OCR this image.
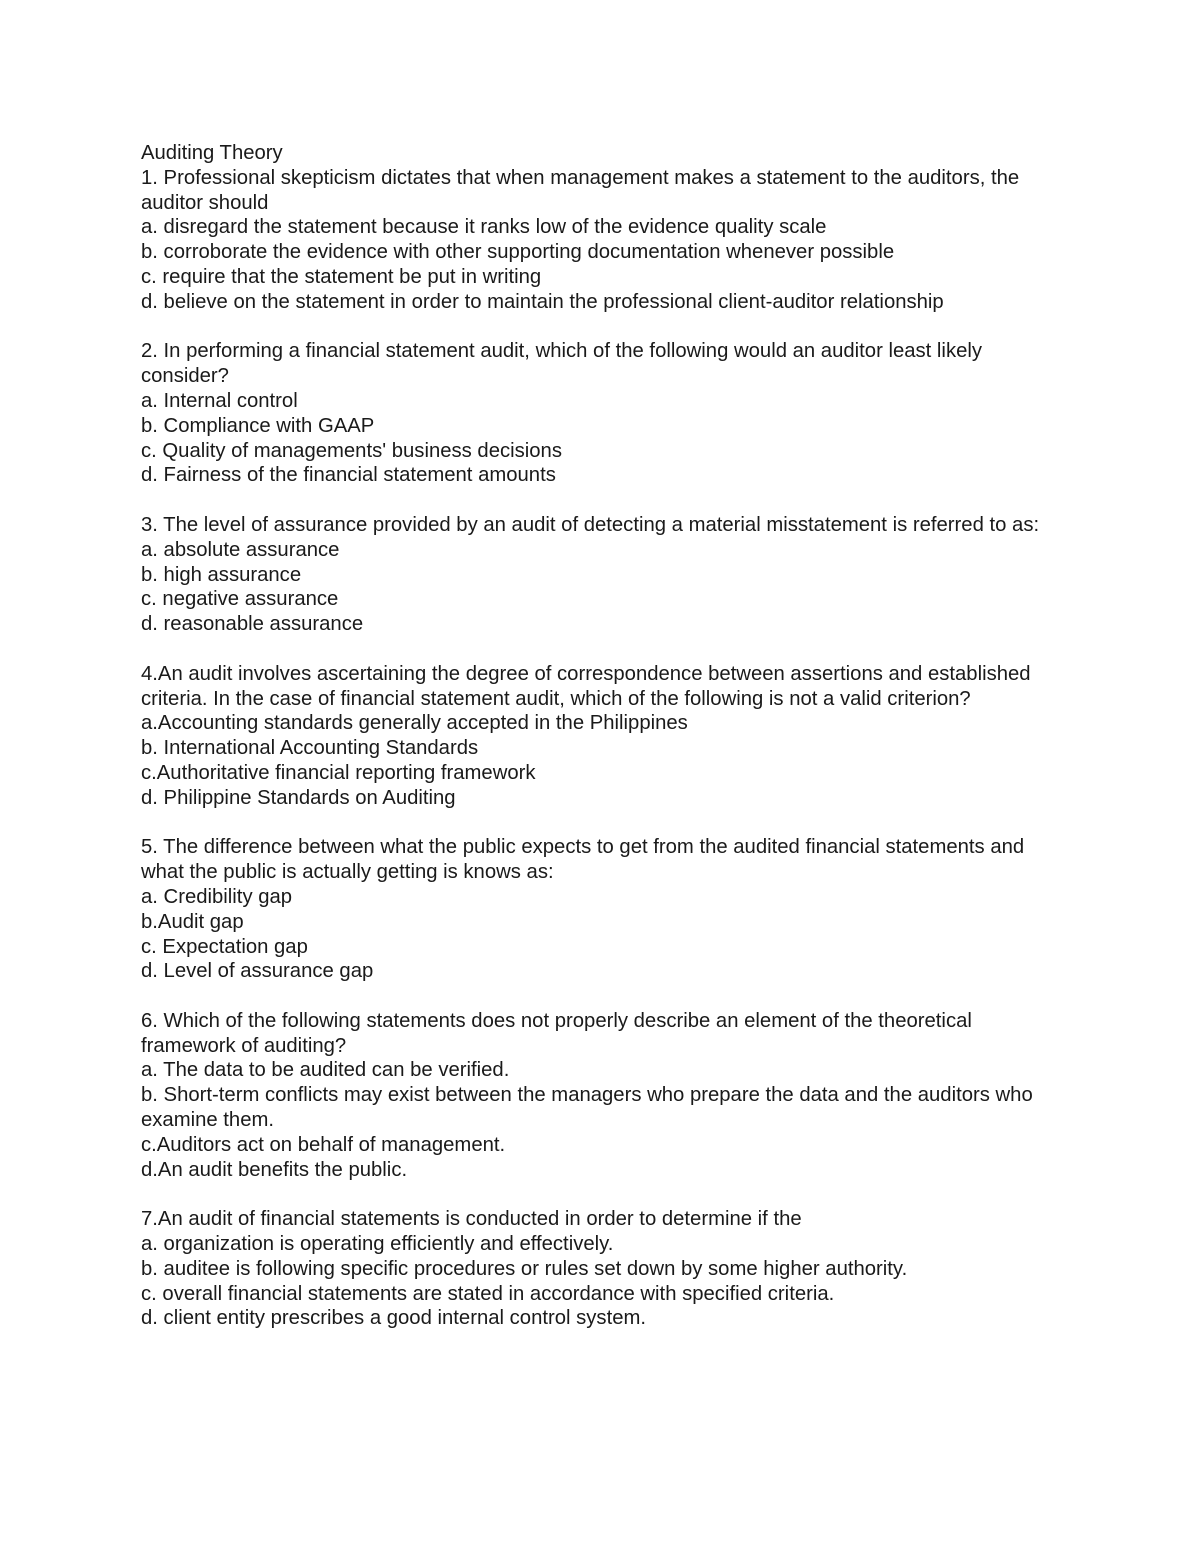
Auditing Theory

1. Professional skepticism dictates that when management makes a statement to the auditors, the auditor should

a. disregard the statement because it ranks low of the evidence quality scale

b. corroborate the evidence with other supporting documentation whenever possible

c. require that the statement be put in writing

d. believe on the statement in order to maintain the professional client-auditor relationship

2. In performing a financial statement audit, which of the following would an auditor least likely consider?

a. Internal control

b. Compliance with GAAP

c. Quality of managements' business decisions

d. Fairness of the financial statement amounts

3. The level of assurance provided by an audit of detecting a material misstatement is referred to as:

a. absolute assurance

b. high assurance

c. negative assurance

d. reasonable assurance

4.An audit involves ascertaining the degree of correspondence between assertions and established criteria. In the case of financial statement audit, which of the following is not a valid criterion?

a.Accounting standards generally accepted in the Philippines

b. International Accounting Standards

c.Authoritative financial reporting framework

d. Philippine Standards on Auditing

5. The difference between what the public expects to get from the audited financial statements and what the public is actually getting is knows as:

a. Credibility gap

b.Audit gap

c. Expectation gap

d. Level of assurance gap

6. Which of the following statements does not properly describe an element of the theoretical framework of auditing?

a. The data to be audited can be verified.

b. Short-term conflicts may exist between the managers who prepare the data and the auditors who examine them.

c.Auditors act on behalf of management.

d.An audit benefits the public.

7.An audit of financial statements is conducted in order to determine if the

a. organization is operating efficiently and effectively.

b. auditee is following specific procedures or rules set down by some higher authority.

c. overall financial statements are stated in accordance with specified criteria.

d. client entity prescribes a good internal control system.
